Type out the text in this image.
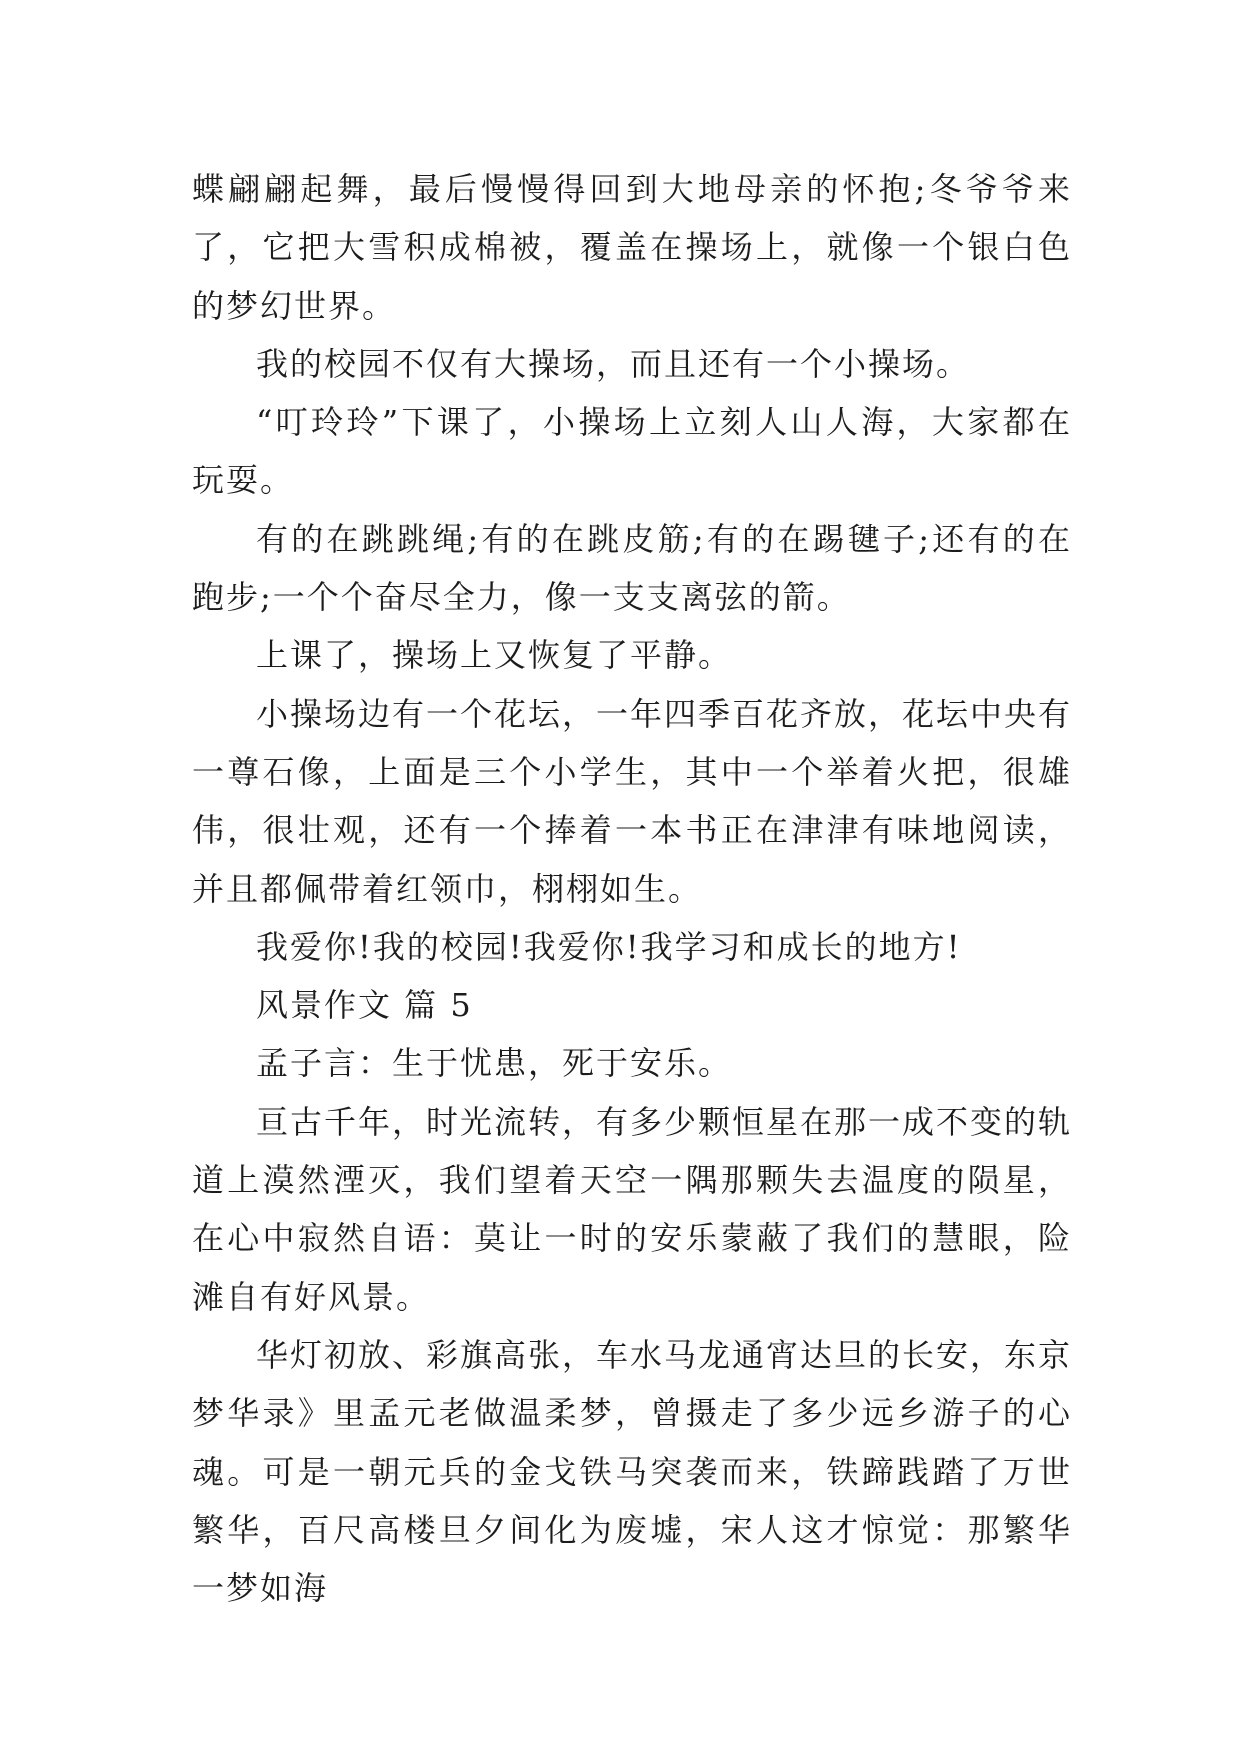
蝶翩翩起舞，最后慢慢得回到大地母亲的怀抱;冬爷爷来了，它把大雪积成棉被，覆盖在操场上，就像一个银白色的梦幻世界。

我的校园不仅有大操场，而且还有一个小操场。

“叮玲玲”下课了，小操场上立刻人山人海，大家都在玩耍。

有的在跳跳绳;有的在跳皮筋;有的在踢毽子;还有的在跑步;一个个奋尽全力，像一支支离弦的箭。

上课了，操场上又恢复了平静。

小操场边有一个花坛，一年四季百花齐放，花坛中央有一尊石像，上面是三个小学生，其中一个举着火把，很雄伟，很壮观，还有一个捧着一本书正在津津有味地阅读，并且都佩带着红领巾，栩栩如生。

我爱你!我的校园!我爱你!我学习和成长的地方!

风景作文 篇 5

孟子言：生于忧患，死于安乐。

亘古千年，时光流转，有多少颗恒星在那一成不变的轨道上漠然湮灭，我们望着天空一隅那颗失去温度的陨星，在心中寂然自语：莫让一时的安乐蒙蔽了我们的慧眼，险滩自有好风景。

华灯初放、彩旗高张，车水马龙通宵达旦的长安，东京梦华录》里孟元老做温柔梦，曾摄走了多少远乡游子的心魂。可是一朝元兵的金戈铁马突袭而来，铁蹄践踏了万世繁华，百尺高楼旦夕间化为废墟，宋人这才惊觉：那繁华一梦如海
